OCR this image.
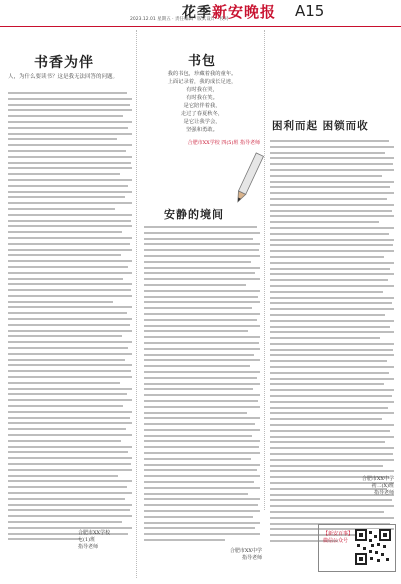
花季 新安晚报 A15
2023.12.01 星期五 · 责任编辑 · 版式设计 · 校对
书香为伴
人，为什么要读书？这是我无法回答的问题。
合肥市XX学校
七(1)班
指导老师
书包
我的书包，珍藏着我的童年。
上面记录着，我的成长足迹，
有时我在哭，
有时我在笑。
是它陪伴着我，
走过了春夏秋冬，
是它让我学会，
坚强和勇敢。
合肥市XX学校 四(5)班 指导老师
安静的境间
合肥市XX中学
指导老师
困利而起 困锁而收
合肥市XX中学
初二(X)班
指导老师
【新安百事】微信公众号
